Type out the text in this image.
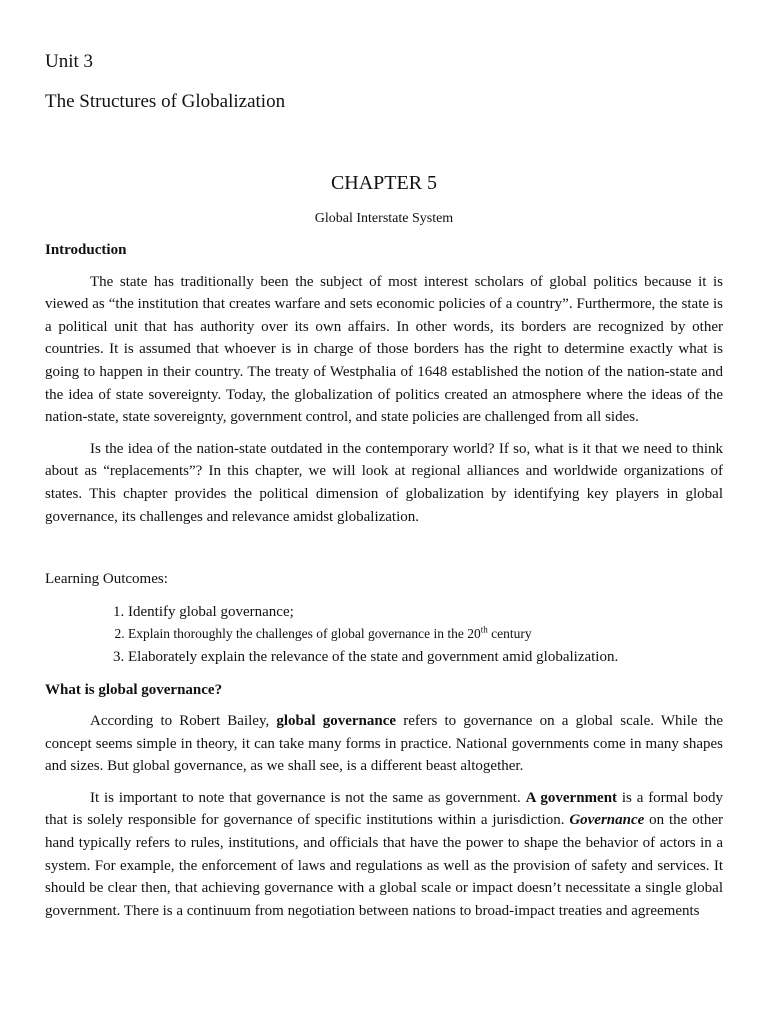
Unit 3
The Structures of Globalization
CHAPTER 5
Global Interstate System
Introduction

The state has traditionally been the subject of most interest scholars of global politics because it is viewed as “the institution that creates warfare and sets economic policies of a country”. Furthermore, the state is a political unit that has authority over its own affairs. In other words, its borders are recognized by other countries. It is assumed that whoever is in charge of those borders has the right to determine exactly what is going to happen in their country. The treaty of Westphalia of 1648 established the notion of the nation-state and the idea of state sovereignty. Today, the globalization of politics created an atmosphere where the ideas of the nation-state, state sovereignty, government control, and state policies are challenged from all sides.

Is the idea of the nation-state outdated in the contemporary world? If so, what is it that we need to think about as “replacements”? In this chapter, we will look at regional alliances and worldwide organizations of states. This chapter provides the political dimension of globalization by identifying key players in global governance, its challenges and relevance amidst globalization.

Learning Outcomes:

1. Identify global governance;
2. Explain thoroughly the challenges of global governance in the 20th century
3. Elaborately explain the relevance of the state and government amid globalization.
What is global governance?

According to Robert Bailey, global governance refers to governance on a global scale. While the concept seems simple in theory, it can take many forms in practice. National governments come in many shapes and sizes. But global governance, as we shall see, is a different beast altogether.

It is important to note that governance is not the same as government. A government is a formal body that is solely responsible for governance of specific institutions within a jurisdiction. Governance on the other hand typically refers to rules, institutions, and officials that have the power to shape the behavior of actors in a system. For example, the enforcement of laws and regulations as well as the provision of safety and services. It should be clear then, that achieving governance with a global scale or impact doesn’t necessitate a single global government. There is a continuum from negotiation between nations to broad-impact treaties and agreements
